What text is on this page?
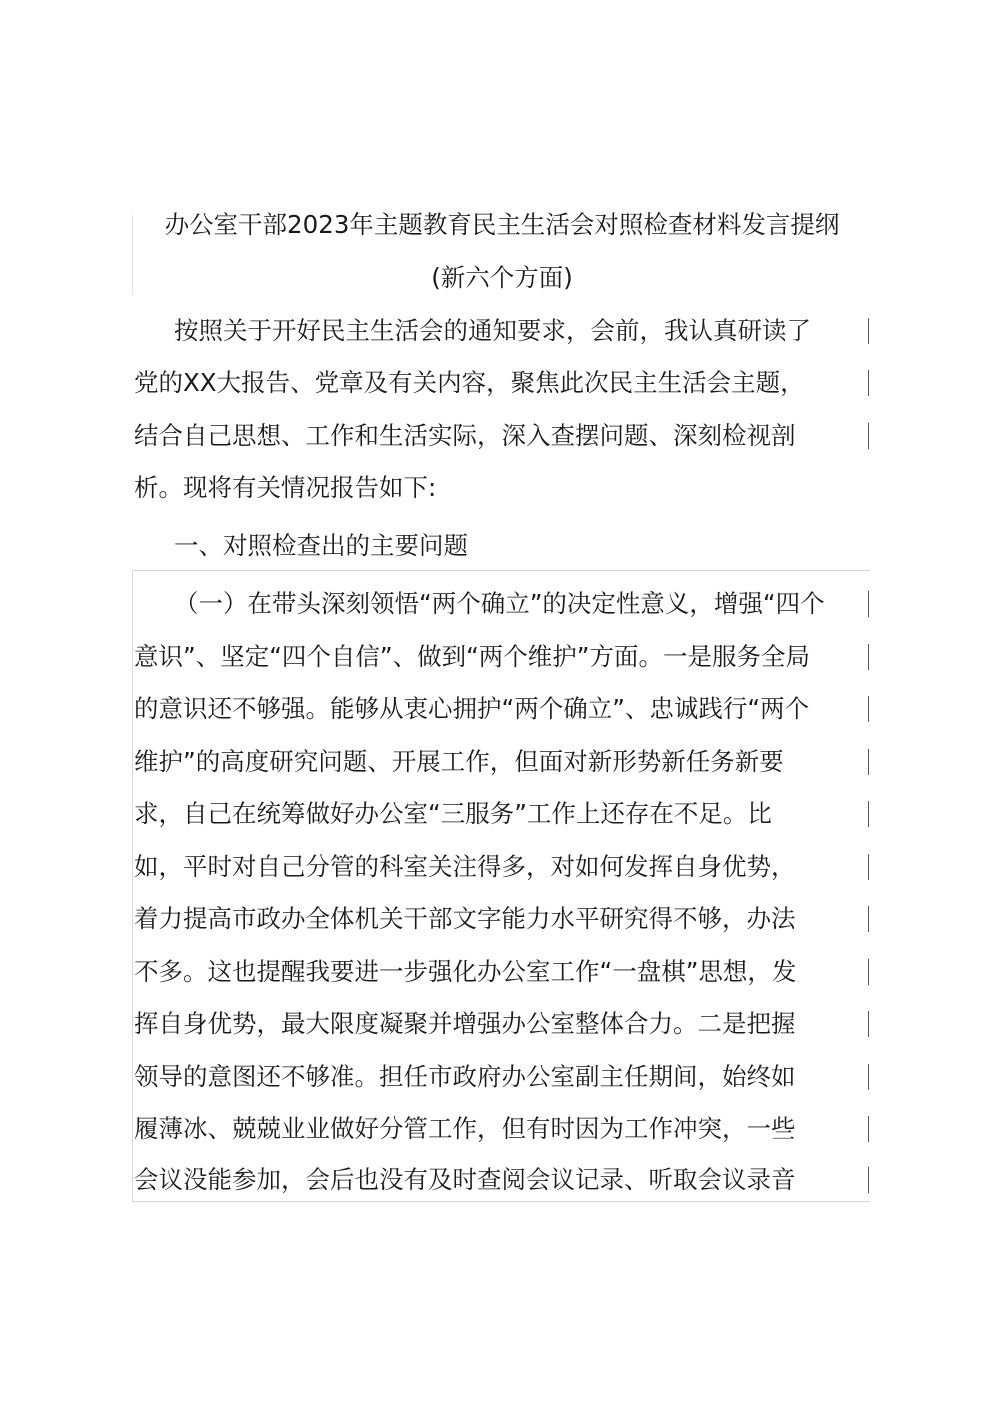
办公室干部2023年主题教育民主生活会对照检查材料发言提纲
(新六个方面)
按照关于开好民主生活会的通知要求，会前，我认真研读了
党的XX大报告、党章及有关内容，聚焦此次民主生活会主题，
结合自己思想、工作和生活实际，深入查摆问题、深刻检视剖
析。现将有关情况报告如下:
一、对照检查出的主要问题
（一）在带头深刻领悟“两个确立”的决定性意义，增强“四个
意识”、坚定“四个自信”、做到“两个维护”方面。一是服务全局
的意识还不够强。能够从衷心拥护“两个确立”、忠诚践行“两个
维护”的高度研究问题、开展工作，但面对新形势新任务新要
求，自己在统筹做好办公室“三服务”工作上还存在不足。比
如，平时对自己分管的科室关注得多，对如何发挥自身优势，
着力提高市政办全体机关干部文字能力水平研究得不够，办法
不多。这也提醒我要进一步强化办公室工作“一盘棋”思想，发
挥自身优势，最大限度凝聚并增强办公室整体合力。二是把握
领导的意图还不够准。担任市政府办公室副主任期间，始终如
履薄冰、兢兢业业做好分管工作，但有时因为工作冲突，一些
会议没能参加，会后也没有及时查阅会议记录、听取会议录音
